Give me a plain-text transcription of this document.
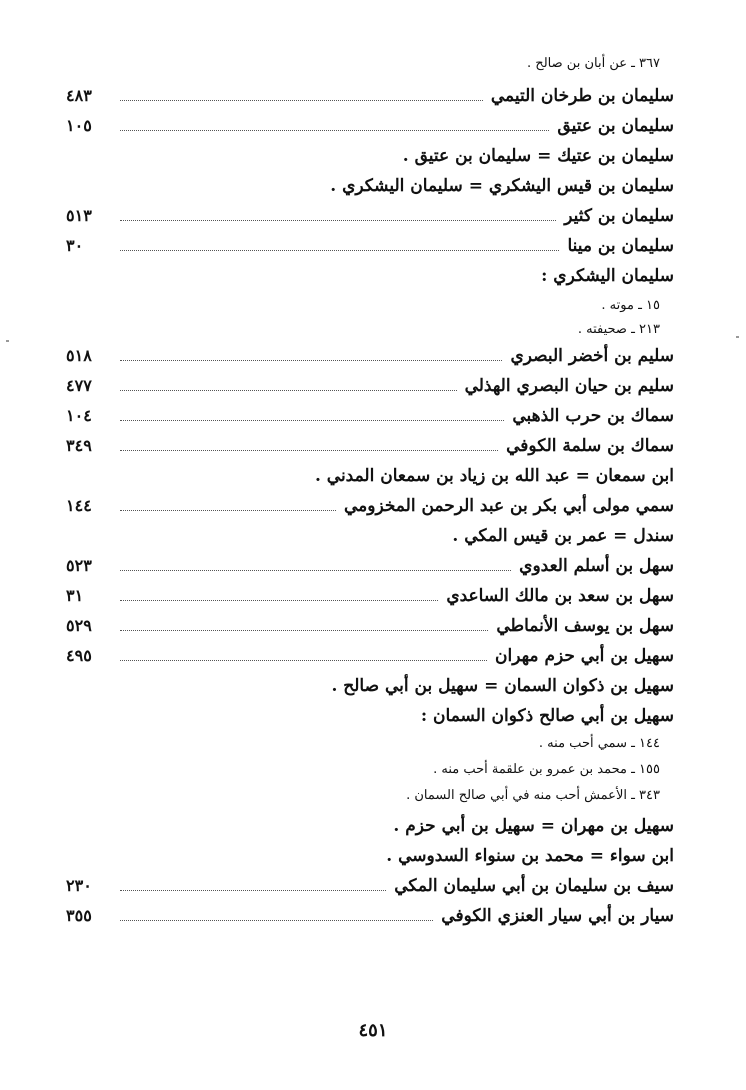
٣٦٧ ـ عن أبان بن صالح .
سليمان بن طرخان التيمي
٤٨٣
سليمان بن عتيق
١٠٥
سليمان بن عتيك = سليمان بن عتيق .
سليمان بن قيس اليشكري = سليمان اليشكري .
سليمان بن كثير
٥١٣
سليمان بن مينا
٣٠
سليمان اليشكري :
١٥ ـ موته .
٢١٣ ـ صحيفته .
سليم بن أخضر البصري
٥١٨
سليم بن حيان البصري الهذلي
٤٧٧
سماك بن حرب الذهبي
١٠٤
سماك بن سلمة الكوفي
٣٤٩
ابن سمعان = عبد الله بن زياد بن سمعان المدني .
سمي مولى أبي بكر بن عبد الرحمن المخزومي
١٤٤
سندل = عمر بن قيس المكي .
سهل بن أسلم العدوي
٥٢٣
سهل بن سعد بن مالك الساعدي
٣١
سهل بن يوسف الأنماطي
٥٢٩
سهيل بن أبي حزم مهران
٤٩٥
سهيل بن ذكوان السمان = سهيل بن أبي صالح .
سهيل بن أبي صالح ذكوان السمان :
١٤٤ ـ سمي أحب منه .
١٥٥ ـ محمد بن عمرو بن علقمة أحب منه .
٣٤٣ ـ الأعمش أحب منه في أبي صالح السمان .
سهيل بن مهران = سهيل بن أبي حزم .
ابن سواء = محمد بن سنواء السدوسي .
سيف بن سليمان بن أبي سليمان المكي
٢٣٠
سيار بن أبي سيار العنزي الكوفي
٣٥٥
٤٥١
